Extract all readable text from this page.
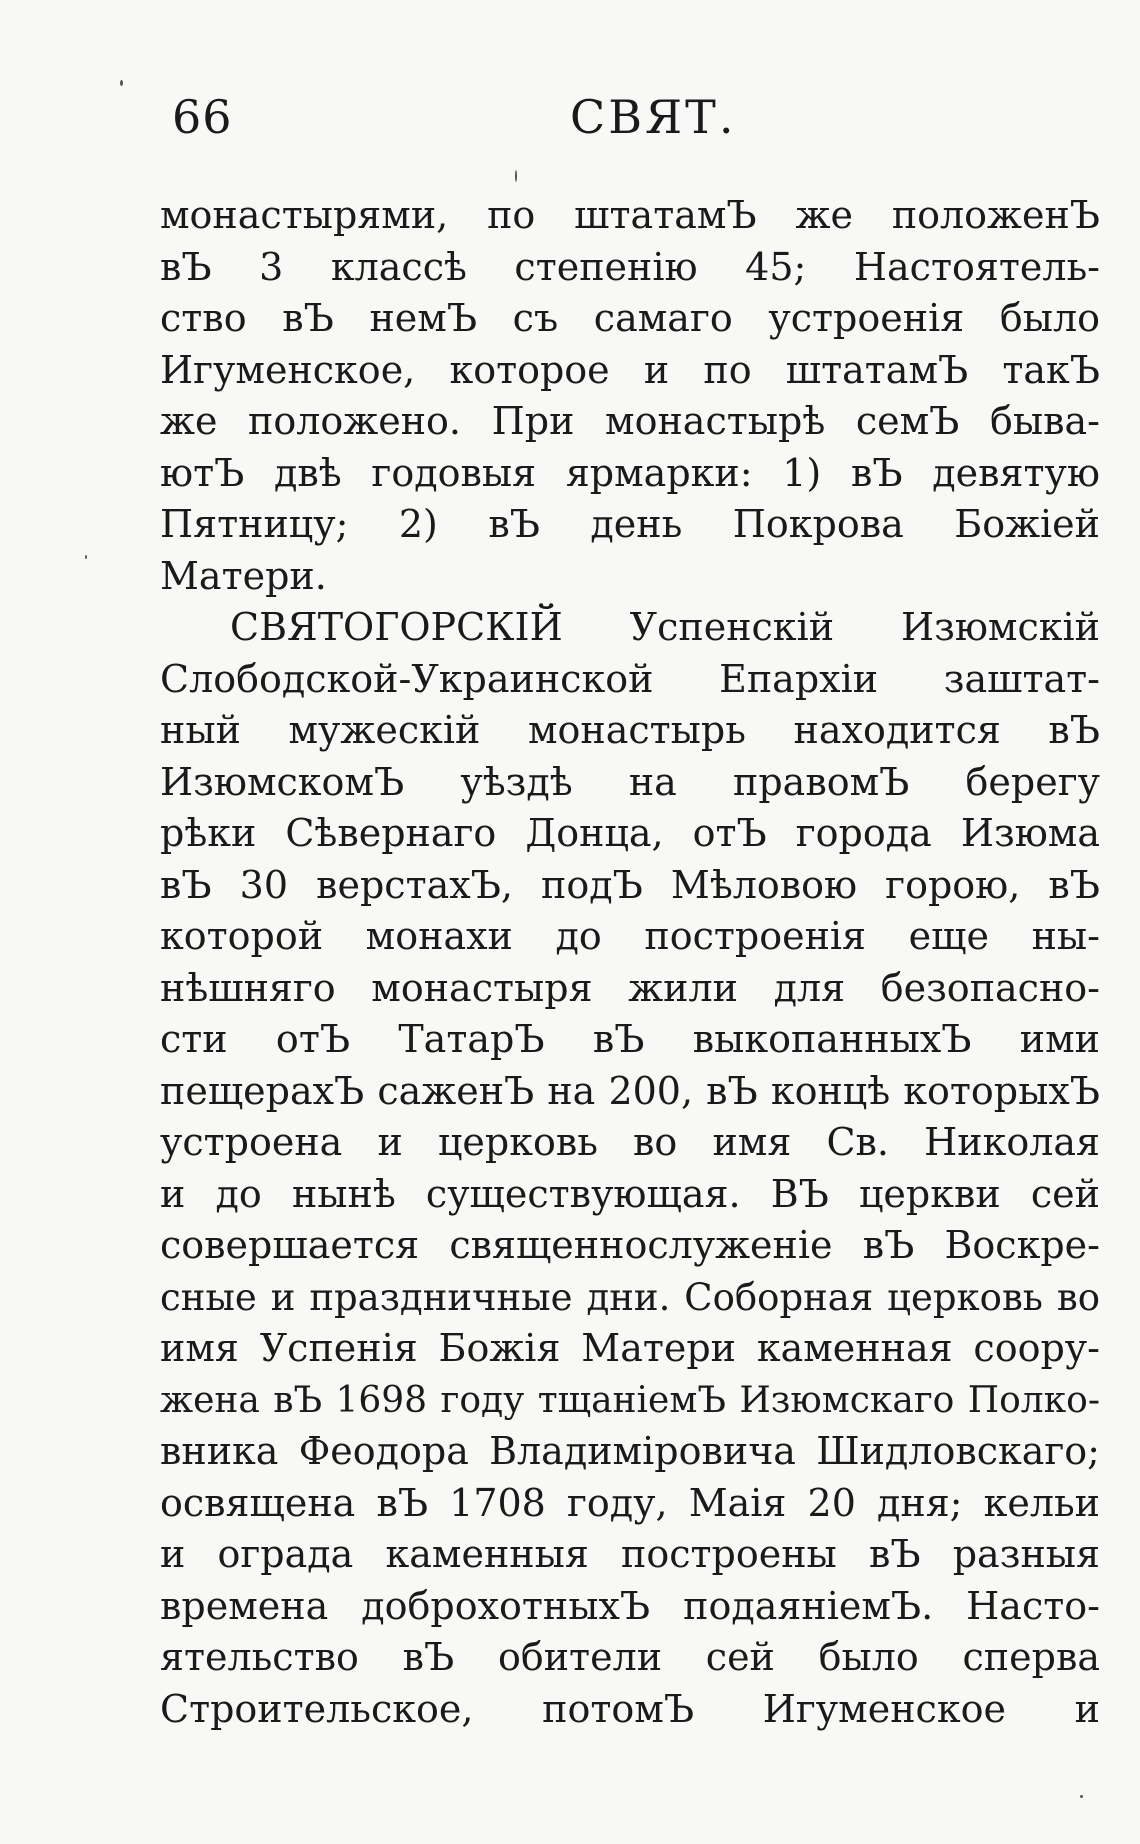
66	СВЯТ.
монастырями, по штатамЪ же положенЪ
вЪ 3 классѣ степенію 45; Настоятель-
ство вЪ немЪ съ самаго устроенія было
Игуменское, которое и по штатамЪ такЪ
же положено. При монастырѣ семЪ быва-
ютЪ двѣ годовыя ярмарки: 1) вЪ девятую
Пятницу; 2) вЪ день Покрова Божіей
Матери.
СВЯТОГОРСКІЙ Успенскій Изюмскій
Слободской-Украинской Епархіи заштат-
ный мужескій монастырь находится вЪ
ИзюмскомЪ уѣздѣ на правомЪ берегу
рѣки Сѣвернаго Донца, отЪ города Изюма
вЪ 30 верстахЪ, подЪ Мѣловою горою, вЪ
которой монахи до построенія еще ны-
нѣшняго монастыря жили для безопасно-
сти отЪ ТатарЪ вЪ выкопанныхЪ ими
пещерахЪ саженЪ на 200, вЪ концѣ которыхЪ
устроена и церковь во имя Св. Николая
и до нынѣ существующая. ВЪ церкви сей
совершается священнослуженіе вЪ Воскре-
сные и праздничные дни. Соборная церковь во
имя Успенія Божія Матери каменная соору-
жена вЪ 1698 году тщаніемЪ Изюмскаго Полко-
вника Феодора Владиміровича Шидловскаго;
освящена вЪ 1708 году, Маія 20 дня; кельи
и ограда каменныя построены вЪ разныя
времена доброхотныхЪ подаяніемЪ. Насто-
ятельство вЪ обители сей было сперва
Строительское, потомЪ Игуменское и
